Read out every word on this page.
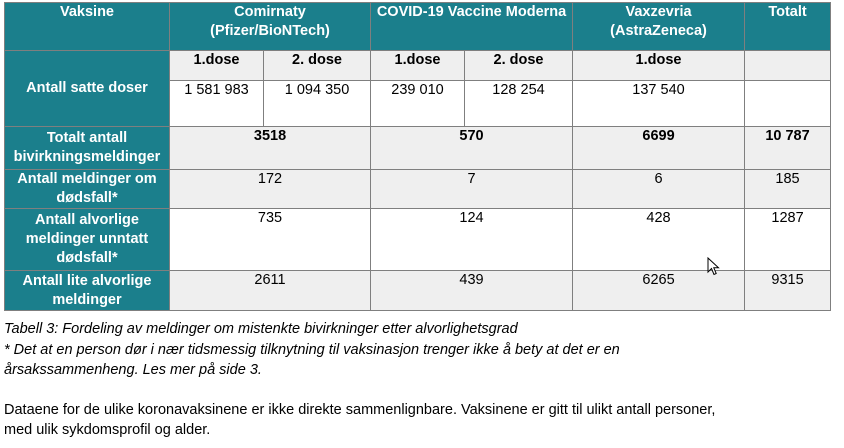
Vaksine	Comirnaty (Pfizer/BioNTech)		COVID-19 Vaccine Moderna		Vaxzevria (AstraZeneca)	Totalt
Antall satte doser	1.dose	2. dose	1.dose	2. dose	1.dose	
	1 581 983	1 094 350	239 010	128 254	137 540	
Totalt antall bivirkningsmeldinger	3518		570		6699	10 787
Antall meldinger om dødsfall*	172		7		6	185
Antall alvorlige meldinger unntatt dødsfall*	735		124		428	1287
Antall lite alvorlige meldinger	2611		439		6265	9315

Tabell 3: Fordeling av meldinger om mistenkte bivirkninger etter alvorlighetsgrad

* Det at en person dør i nær tidsmessig tilknytning til vaksinasjon trenger ikke å bety at det er en årsakssammenheng. Les mer på side 3.

Dataene for de ulike koronavaksinene er ikke direkte sammenlignbare. Vaksinene er gitt til ulikt antall personer, med ulik sykdomsprofil og alder.
